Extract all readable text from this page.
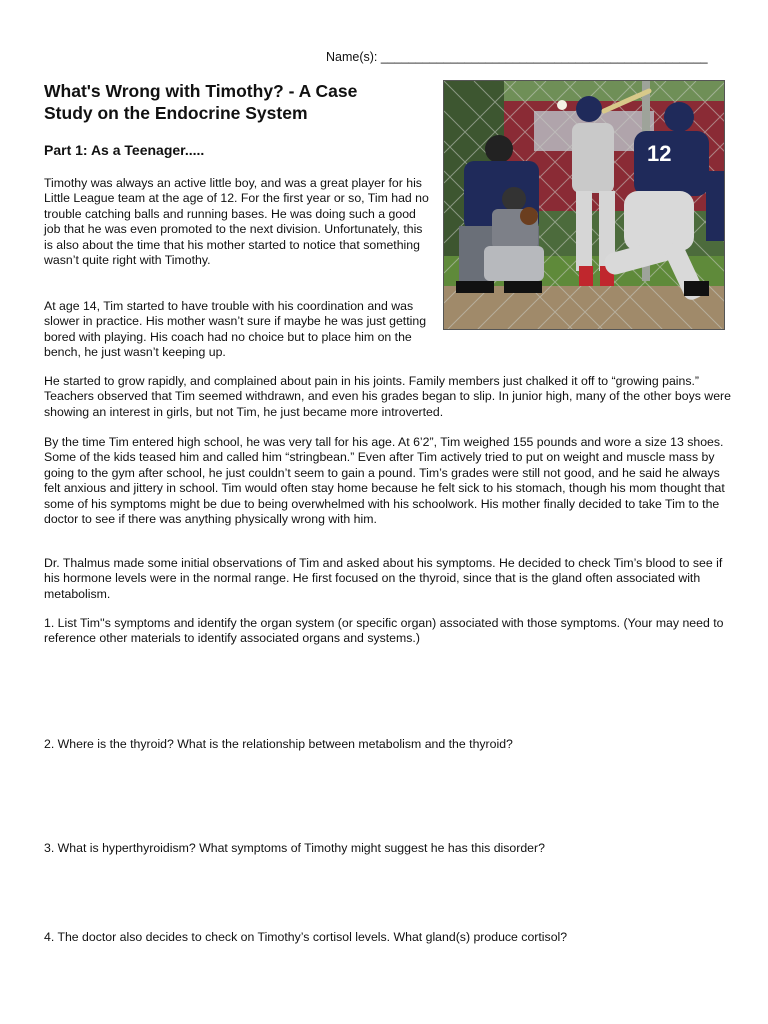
Name(s): _______________________________________________
What's Wrong with Timothy? - A Case Study on the Endocrine System
Part 1: As a Teenager.....

Timothy was always an active little boy, and was a great player for his Little League team at the age of 12. For the first year or so, Tim had no trouble catching balls and running bases. He was doing such a good job that he was even promoted to the next division. Unfortunately, this is also about the time that his mother started to notice that something wasn’t quite right with Timothy.

At age 14, Tim started to have trouble with his coordination and was slower in practice. His mother wasn’t sure if maybe he was just getting bored with playing. His coach had no choice but to place him on the bench, he just wasn’t keeping up.

He started to grow rapidly, and complained about pain in his joints. Family members just chalked it off to “growing pains.” Teachers observed that Tim seemed withdrawn, and even his grades began to slip. In junior high, many of the other boys were showing an interest in girls, but not Tim, he just became more introverted.

By the time Tim entered high school, he was very tall for his age. At 6’2”, Tim weighed 155 pounds and wore a size 13 shoes. Some of the kids teased him and called him “stringbean.” Even after Tim actively tried to put on weight and muscle mass by going to the gym after school, he just couldn’t seem to gain a pound. Tim’s grades were still not good, and he said he always felt anxious and jittery in school. Tim would often stay home because he felt sick to his stomach, though his mom thought that some of his symptoms might be due to being overwhelmed with his schoolwork. His mother finally decided to take Tim to the doctor to see if there was anything physically wrong with him.

Dr. Thalmus made some initial observations of Tim and asked about his symptoms. He decided to check Tim’s blood to see if his hormone levels were in the normal range. He first focused on the thyroid, since that is the gland often associated with metabolism.

1. List Tim''s symptoms and identify the organ system (or specific organ) associated with those symptoms. (Your may need to reference other materials to identify associated organs and systems.)

2. Where is the thyroid? What is the relationship between metabolism and the thyroid?

3. What is hyperthyroidism? What symptoms of Timothy might suggest he has this disorder?

4. The doctor also decides to check on Timothy’s cortisol levels. What gland(s) produce cortisol?

12
